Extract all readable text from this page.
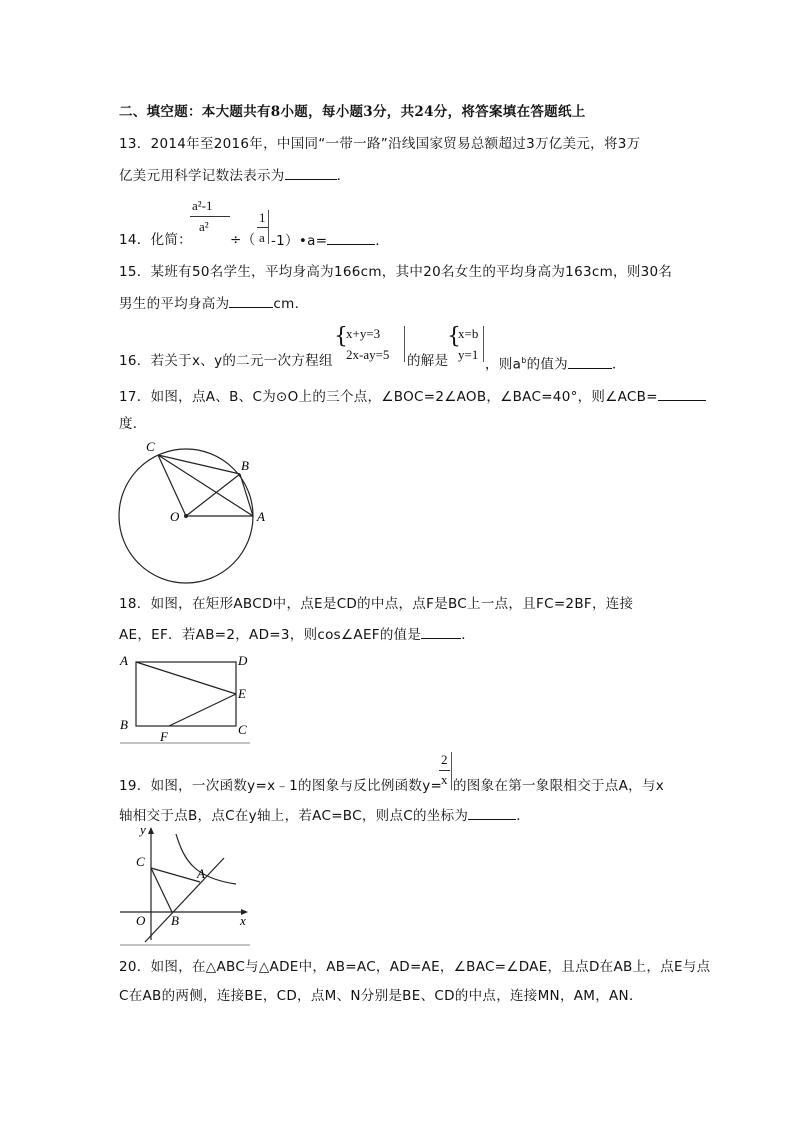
二、填空题：本大题共有8小题，每小题3分，共24分，将答案填在答题纸上
13．2014年至2016年，中国同“一带一路”沿线国家贸易总额超过3万亿美元，将3万
亿美元用科学记数法表示为	．
a²-1
a²
14．化简：	÷（
1
a -1）•a=	．
15．某班有50名学生，平均身高为166cm，其中20名女生的平均身高为163cm，则30名
男生的平均身高为	cm．
16．若关于x、y的二元一次方程组
{
x+y=3
2x-ay=5 的解是
{
x=b
y=1
，则$a^b$的值为	．
17．如图，点A、B、C为⊙O上的三个点，∠BOC=2∠AOB，∠BAC=40°，则∠ACB=
度．
C
B
O	A
18．如图，在矩形ABCD中，点E是CD的中点，点F是BC上一点，且FC=2BF，连接
AE，EF．若AB=2，AD=3，则cos∠AEF的值是	．
A	D
E
B	C
F
2
x
19．如图，一次函数y=x﹣1的图象与反比例函数y= 的图象在第一象限相交于点A，与x
轴相交于点B，点C在y轴上，若AC=BC，则点C的坐标为	．
y
x
C
A
O B
20．如图，在△ABC与△ADE中，AB=AC，AD=AE，∠BAC=∠DAE，且点D在AB上，点E与点
C在AB的两侧，连接BE，CD，点M、N分别是BE、CD的中点，连接MN，AM，AN．
